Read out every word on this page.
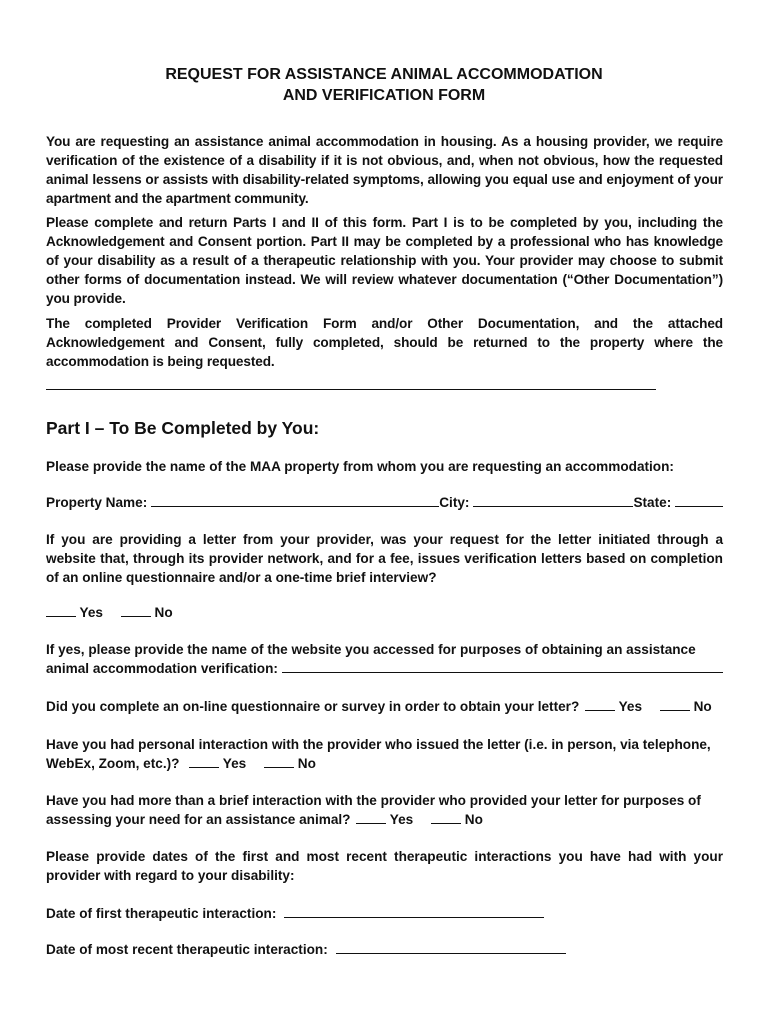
REQUEST FOR ASSISTANCE ANIMAL ACCOMMODATION
AND VERIFICATION FORM
You are requesting an assistance animal accommodation in housing. As a housing provider, we require verification of the existence of a disability if it is not obvious, and, when not obvious, how the requested animal lessens or assists with disability-related symptoms, allowing you equal use and enjoyment of your apartment and the apartment community.
Please complete and return Parts I and II of this form. Part I is to be completed by you, including the Acknowledgement and Consent portion. Part II may be completed by a professional who has knowledge of your disability as a result of a therapeutic relationship with you. Your provider may choose to submit other forms of documentation instead. We will review whatever documentation (“Other Documentation”) you provide.
The completed Provider Verification Form and/or Other Documentation, and the attached Acknowledgement and Consent, fully completed, should be returned to the property where the accommodation is being requested.
Part I – To Be Completed by You:
Please provide the name of the MAA property from whom you are requesting an accommodation:
Property Name:	City:	State:
If you are providing a letter from your provider, was your request for the letter initiated through a website that, through its provider network, and for a fee, issues verification letters based on completion of an online questionnaire and/or a one-time brief interview?
Yes	No
If yes, please provide the name of the website you accessed for purposes of obtaining an assistance
animal accommodation verification:
Did you complete an on-line questionnaire or survey in order to obtain your letter?	Yes	No
Have you had personal interaction with the provider who issued the letter (i.e. in person, via telephone,
WebEx, Zoom, etc.)?	Yes	No
Have you had more than a brief interaction with the provider who provided your letter for purposes of
assessing your need for an assistance animal?	Yes	No
Please provide dates of the first and most recent therapeutic interactions you have had with your provider with regard to your disability:
Date of first therapeutic interaction:
Date of most recent therapeutic interaction:
